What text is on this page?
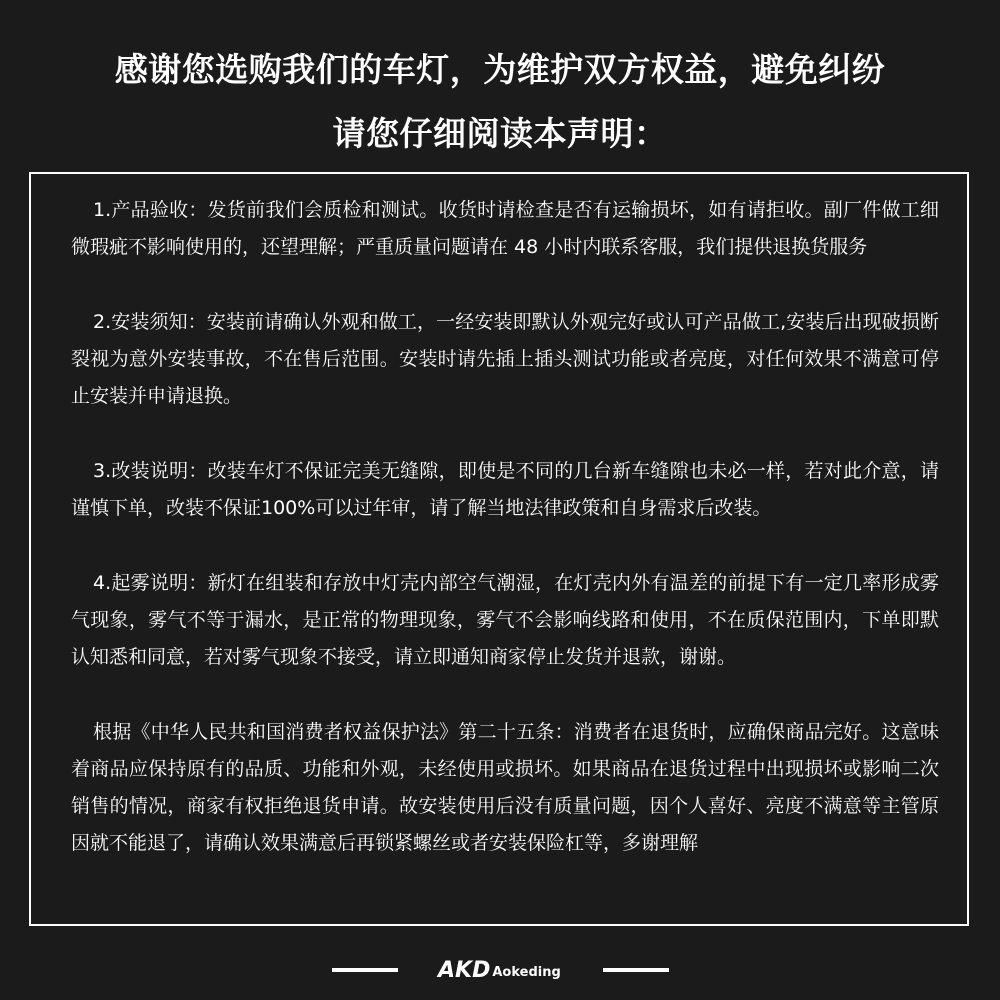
感谢您选购我们的车灯，为维护双方权益，避免纠纷
请您仔细阅读本声明：

1.产品验收：发货前我们会质检和测试。收货时请检查是否有运输损坏，如有请拒收。副厂件做工细微瑕疵不影响使用的，还望理解；严重质量问题请在 48 小时内联系客服，我们提供退换货服务

2.安装须知：安装前请确认外观和做工，一经安装即默认外观完好或认可产品做工,安装后出现破损断裂视为意外安装事故，不在售后范围。安装时请先插上插头测试功能或者亮度，对任何效果不满意可停止安装并申请退换。

3.改装说明：改装车灯不保证完美无缝隙，即使是不同的几台新车缝隙也未必一样，若对此介意，请谨慎下单，改装不保证100%可以过年审，请了解当地法律政策和自身需求后改装。

4.起雾说明：新灯在组装和存放中灯壳内部空气潮湿，在灯壳内外有温差的前提下有一定几率形成雾气现象，雾气不等于漏水，是正常的物理现象，雾气不会影响线路和使用，不在质保范围内，下单即默认知悉和同意，若对雾气现象不接受，请立即通知商家停止发货并退款，谢谢。

根据《中华人民共和国消费者权益保护法》第二十五条：消费者在退货时，应确保商品完好。这意味着商品应保持原有的品质、功能和外观，未经使用或损坏。如果商品在退货过程中出现损坏或影响二次销售的情况，商家有权拒绝退货申请。故安装使用后没有质量问题，因个人喜好、亮度不满意等主管原因就不能退了，请确认效果满意后再锁紧螺丝或者安装保险杠等，多谢理解

AKD Aokeding
